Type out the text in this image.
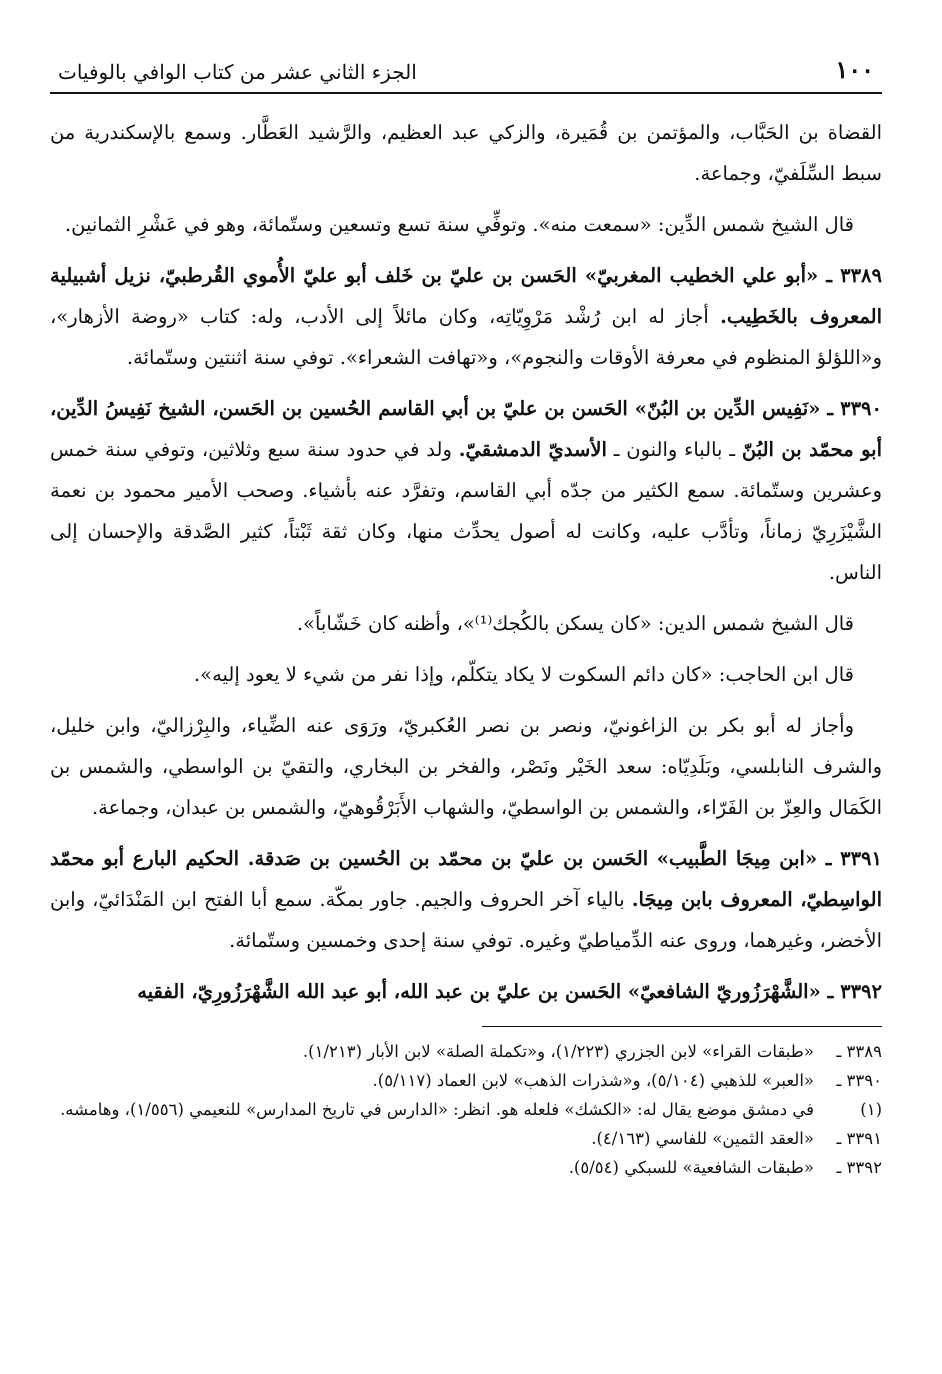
١٠٠
الجزء الثاني عشر من كتاب الوافي بالوفيات

القضاة بن الحَبَّاب، والمؤتمن بن قُمَيرة، والزكي عبد العظيم، والرَّشيد العَطَّار. وسمع بالإسكندرية من سبط السِّلَفيّ، وجماعة.

قال الشيخ شمس الدِّين: «سمعت منه». وتوفِّي سنة تسع وتسعين وستّمائة، وهو في عَشْرِ الثمانين.

٣٣٨٩ ـ «أبو علي الخطيب المغربيّ» الحَسن بن عليّ بن خَلف أبو عليّ الأُموي القُرطبيّ، نزيل أشبيلية المعروف بالخَطِيب. أجاز له ابن رُشْد مَرْوِيّاتِه، وكان مائلاً إلى الأدب، وله: كتاب «روضة الأزهار»، و«اللؤلؤ المنظوم في معرفة الأوقات والنجوم»، و«تهافت الشعراء». توفي سنة اثنتين وستّمائة.

٣٣٩٠ ـ «نَفِيس الدِّين بن البُنّ» الحَسن بن عليّ بن أبي القاسم الحُسين بن الحَسن، الشيخ نَفِيسُ الدِّين، أبو محمّد بن البُنّ ـ بالباء والنون ـ الأسديّ الدمشقيّ. ولد في حدود سنة سبع وثلاثين، وتوفي سنة خمس وعشرين وستّمائة. سمع الكثير من جدّه أبي القاسم، وتفرَّد عنه بأشياء. وصحب الأمير محمود بن نعمة الشَّيْزَرِيّ زماناً، وتأدَّب عليه، وكانت له أصول يحدِّث منها، وكان ثقة ثَبْتاً، كثير الصَّدقة والإحسان إلى الناس.

قال الشيخ شمس الدين: «كان يسكن بالكُجك⁽¹⁾»، وأظنه كان خَشّاباً».

قال ابن الحاجب: «كان دائم السكوت لا يكاد يتكلّم، وإذا نفر من شيء لا يعود إليه».

وأجاز له أبو بكر بن الزاغونيّ، ونصر بن نصر العُكبريّ، ورَوَى عنه الضِّياء، والبِرْزاليّ، وابن خليل، والشرف النابلسي، وبَلَدِيّاه: سعد الخَيْر ونَصْر، والفخر بن البخاري، والتقيّ بن الواسطي، والشمس بن الكَمَال والعِزّ بن الفَرّاء، والشمس بن الواسطيّ، والشهاب الأَبَرْقُوهيّ، والشمس بن عبدان، وجماعة.

٣٣٩١ ـ «ابن مِيجَا الطَّبيب» الحَسن بن عليّ بن محمّد بن الحُسين بن صَدقة. الحكيم البارع أبو محمّد الواسِطيّ، المعروف بابن مِيجَا. بالياء آخر الحروف والجيم. جاور بمكّة. سمع أبا الفتح ابن المَنْدَائيّ، وابن الأخضر، وغيرهما، وروى عنه الدِّمياطيّ وغيره. توفي سنة إحدى وخمسين وستّمائة.

٣٣٩٢ ـ «الشَّهْرَزُوريّ الشافعيّ» الحَسن بن عليّ بن عبد الله، أبو عبد الله الشَّهْرَزُورِيّ، الفقيه

٣٣٨٩ ـ
«طبقات القراء» لابن الجزري (١/٢٢٣)، و«تكملة الصلة» لابن الأبار (١/٢١٣).
٣٣٩٠ ـ
«العبر» للذهبي (٥/١٠٤)، و«شذرات الذهب» لابن العماد (٥/١١٧).
(١)
في دمشق موضع يقال له: «الكشك» فلعله هو. انظر: «الدارس في تاريخ المدارس» للنعيمي (١/٥٥٦)، وهامشه.
٣٣٩١ ـ
«العقد الثمين» للفاسي (٤/١٦٣).
٣٣٩٢ ـ
«طبقات الشافعية» للسبكي (٥/٥٤).
